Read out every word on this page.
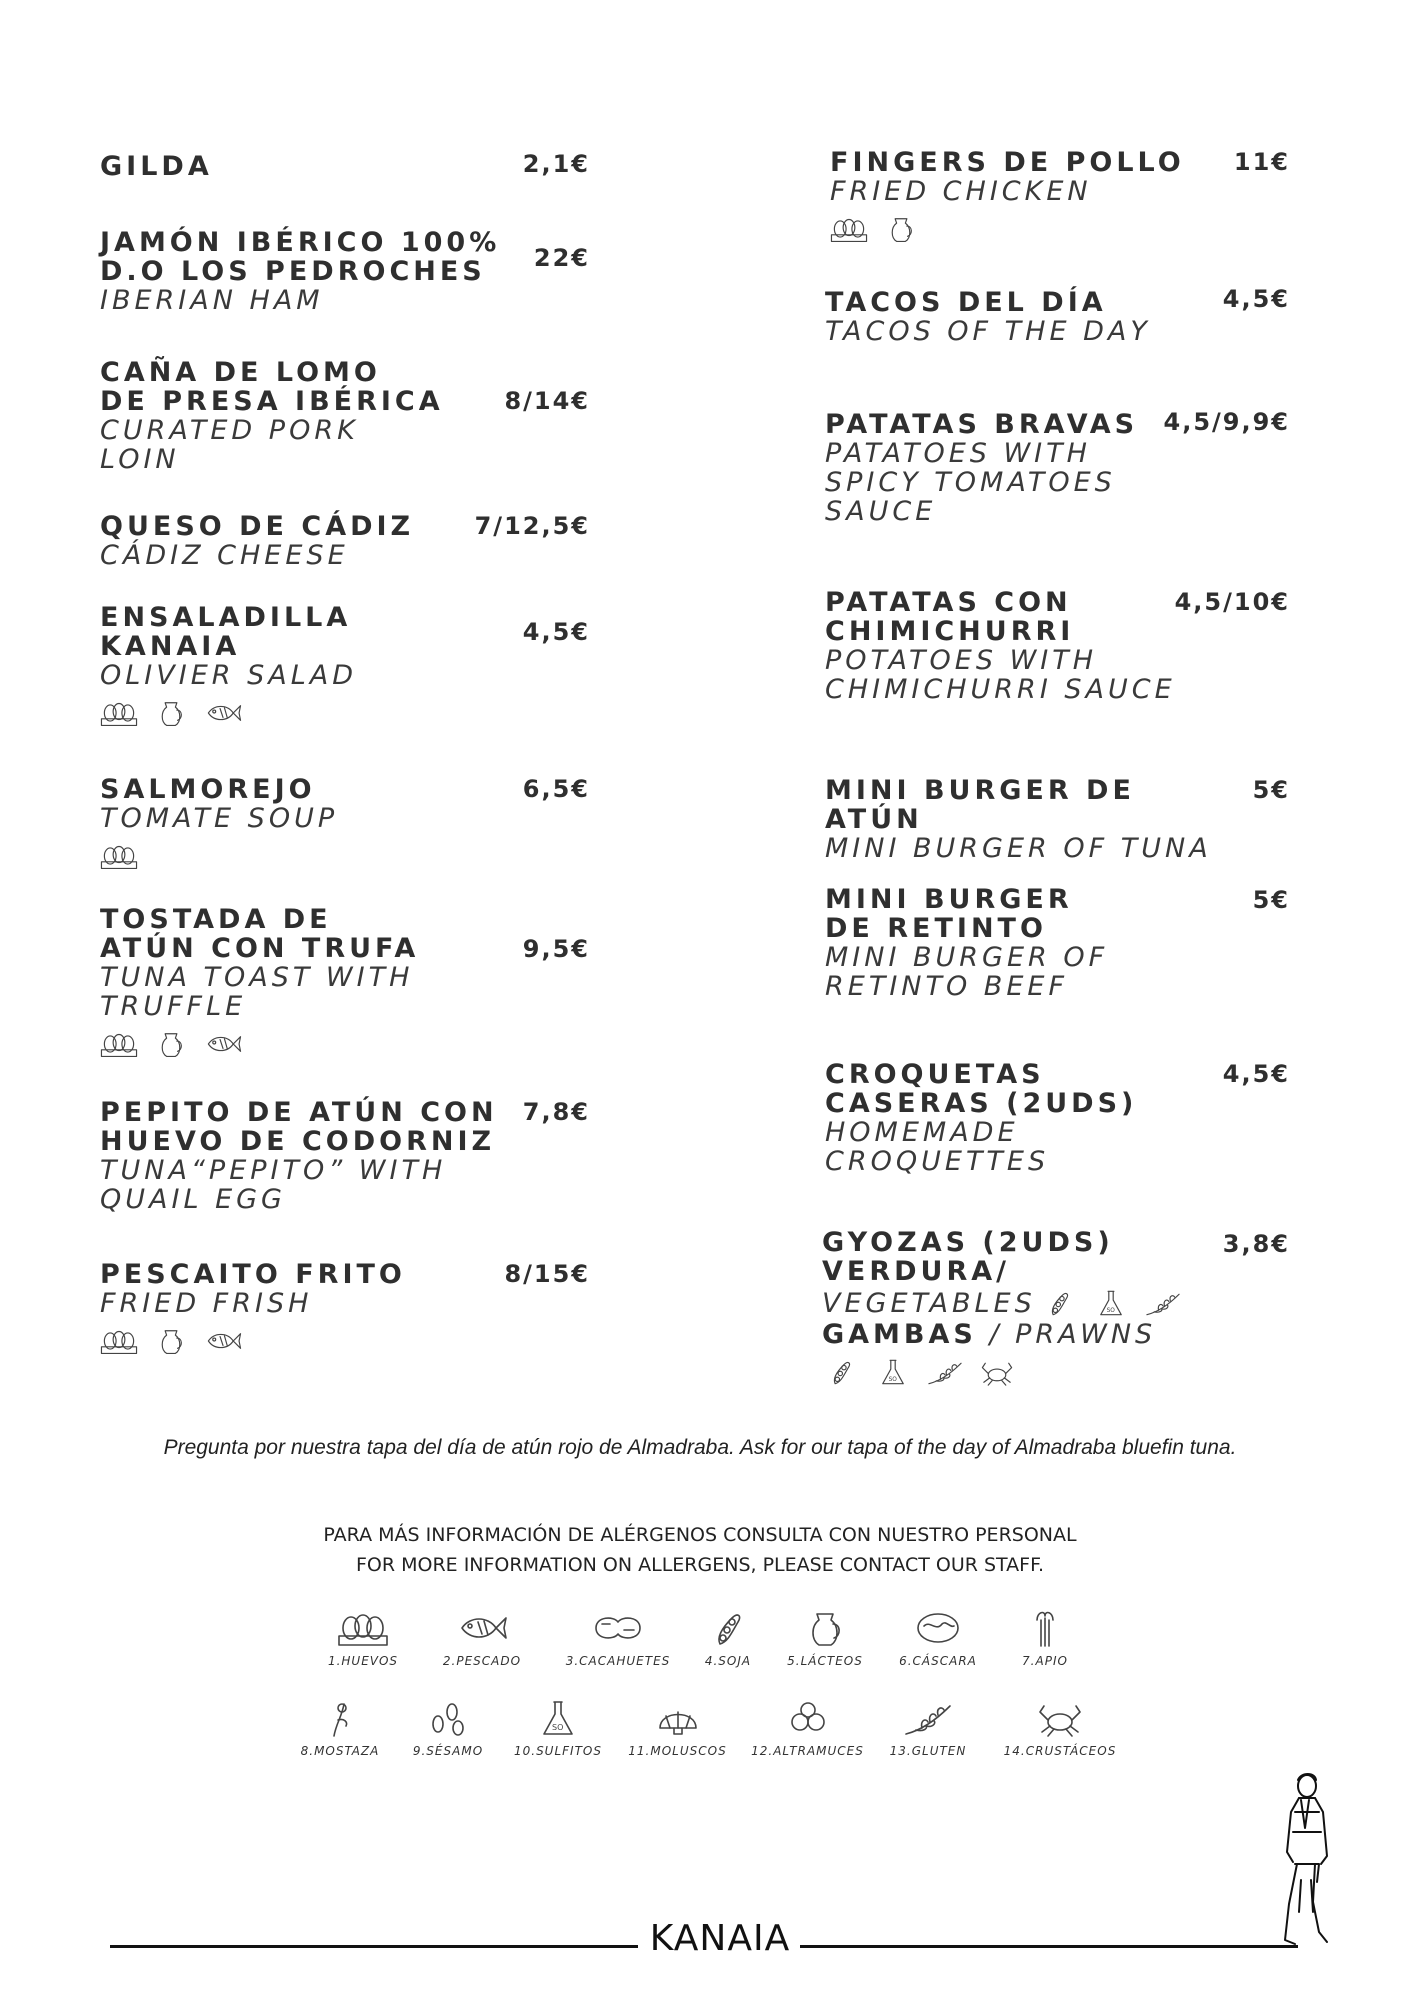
GILDA	2,1€
JAMÓN IBÉRICO 100%
D.O LOS PEDROCHES
IBERIAN HAM
22€
CAÑA DE LOMO
DE PRESA IBÉRICA
CURATED PORK
LOIN
8/14€
QUESO DE CÁDIZ
CÁDIZ CHEESE
7/12,5€
ENSALADILLA
KANAIA
OLIVIER SALAD
4,5€
SALMOREJO
TOMATE SOUP
6,5€
TOSTADA DE
ATÚN CON TRUFA
TUNA TOAST WITH
TRUFFLE
9,5€
PEPITO DE ATÚN CON
HUEVO DE CODORNIZ
TUNA“PEPITO” WITH
QUAIL EGG
7,8€
PESCAITO FRITO
FRIED FRISH
8/15€
FINGERS DE POLLO
FRIED CHICKEN
11€
TACOS DEL DÍA
TACOS OF THE DAY
4,5€
PATATAS BRAVAS
PATATOES WITH
SPICY TOMATOES
SAUCE
4,5/9,9€
PATATAS CON
CHIMICHURRI
POTATOES WITH
CHIMICHURRI SAUCE
4,5/10€
MINI BURGER DE ATÚN
MINI BURGER OF TUNA
5€
MINI BURGER
DE RETINTO
MINI BURGER OF
RETINTO BEEF
5€
CROQUETAS
CASERAS (2UDS)
HOMEMADE
CROQUETTES
4,5€
GYOZAS (2UDS)
VERDURA/
VEGETABLES
GAMBAS / PRAWNS
3,8€
Pregunta por nuestra tapa del día de atún rojo de Almadraba. Ask for our tapa of the day of Almadraba bluefin tuna.
PARA MÁS INFORMACIÓN DE ALÉRGENOS CONSULTA CON NUESTRO PERSONAL
FOR MORE INFORMATION ON ALLERGENS, PLEASE CONTACT OUR STAFF.
1.HUEVOS	2.PESCADO	3.CACAHUETES	4.SOJA	5.LÁCTEOS	6.CÁSCARA	7.APIO
8.MOSTAZA	9.SÉSAMO	10.SULFITOS 11.MOLUSCOS 12.ALTRAMUCES 13.GLUTEN	14.CRUSTÁCEOS
KANAIA
